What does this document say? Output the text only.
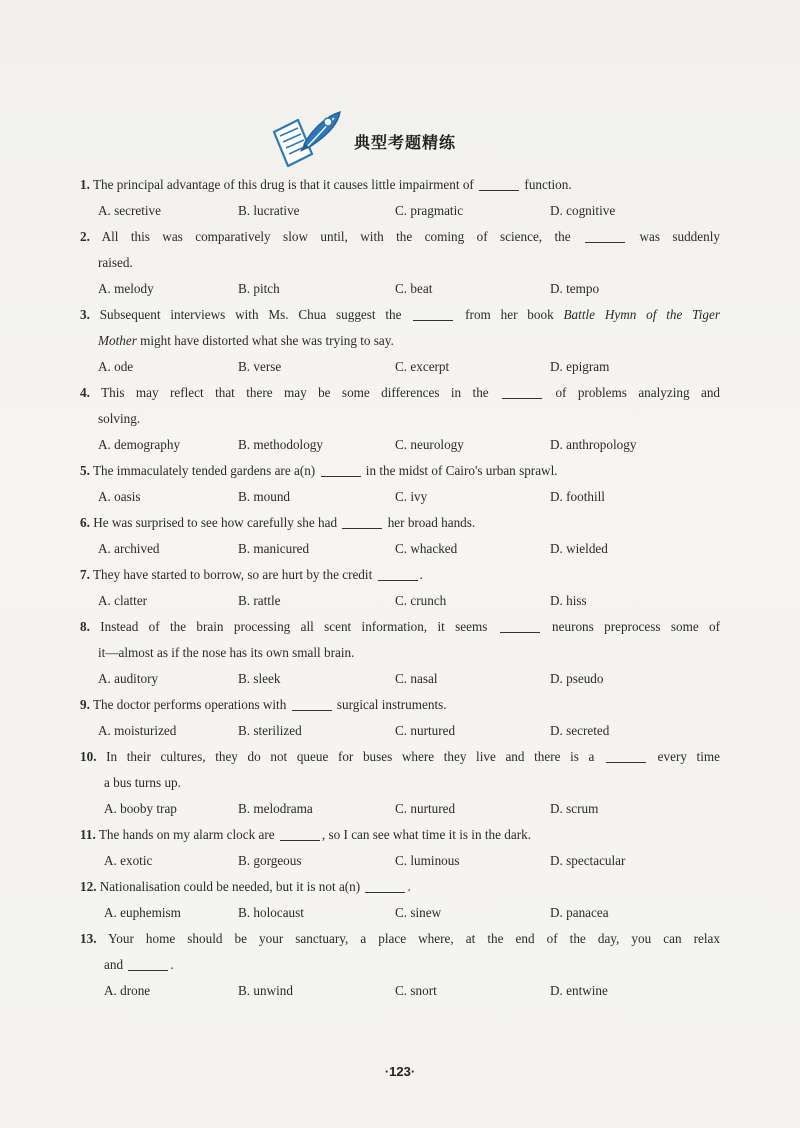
典型考题精练
1. The principal advantage of this drug is that it causes little impairment of	function.
A. secretive	B. lucrative	C. pragmatic	D. cognitive
2. All this was comparatively slow until, with the coming of science, the	was suddenly
raised.
A. melody	B. pitch	C. beat	D. tempo
3. Subsequent interviews with Ms. Chua suggest the	from her book Battle Hymn of the Tiger
Mother might have distorted what she was trying to say.
A. ode	B. verse	C. excerpt	D. epigram
4. This may reflect that there may be some differences in the	of problems analyzing and
solving.
A. demography	B. methodology	C. neurology	D. anthropology
5. The immaculately tended gardens are a(n)	in the midst of Cairo's urban sprawl.
A. oasis	B. mound	C. ivy	D. foothill
6. He was surprised to see how carefully she had	her broad hands.
A. archived	B. manicured	C. whacked	D. wielded
7. They have started to borrow, so are hurt by the credit	.
A. clatter	B. rattle	C. crunch	D. hiss
8. Instead of the brain processing all scent information, it seems	neurons preprocess some of
it—almost as if the nose has its own small brain.
A. auditory	B. sleek	C. nasal	D. pseudo
9. The doctor performs operations with	surgical instruments.
A. moisturized	B. sterilized	C. nurtured	D. secreted
10. In their cultures, they do not queue for buses where they live and there is a	every time
a bus turns up.
A. booby trap	B. melodrama	C. nurtured	D. scrum
11. The hands on my alarm clock are	, so I can see what time it is in the dark.
A. exotic	B. gorgeous	C. luminous	D. spectacular
12. Nationalisation could be needed, but it is not a(n)	.
A. euphemism	B. holocaust	C. sinew	D. panacea
13. Your home should be your sanctuary, a place where, at the end of the day, you can relax
and	.
A. drone	B. unwind	C. snort	D. entwine
·123·
